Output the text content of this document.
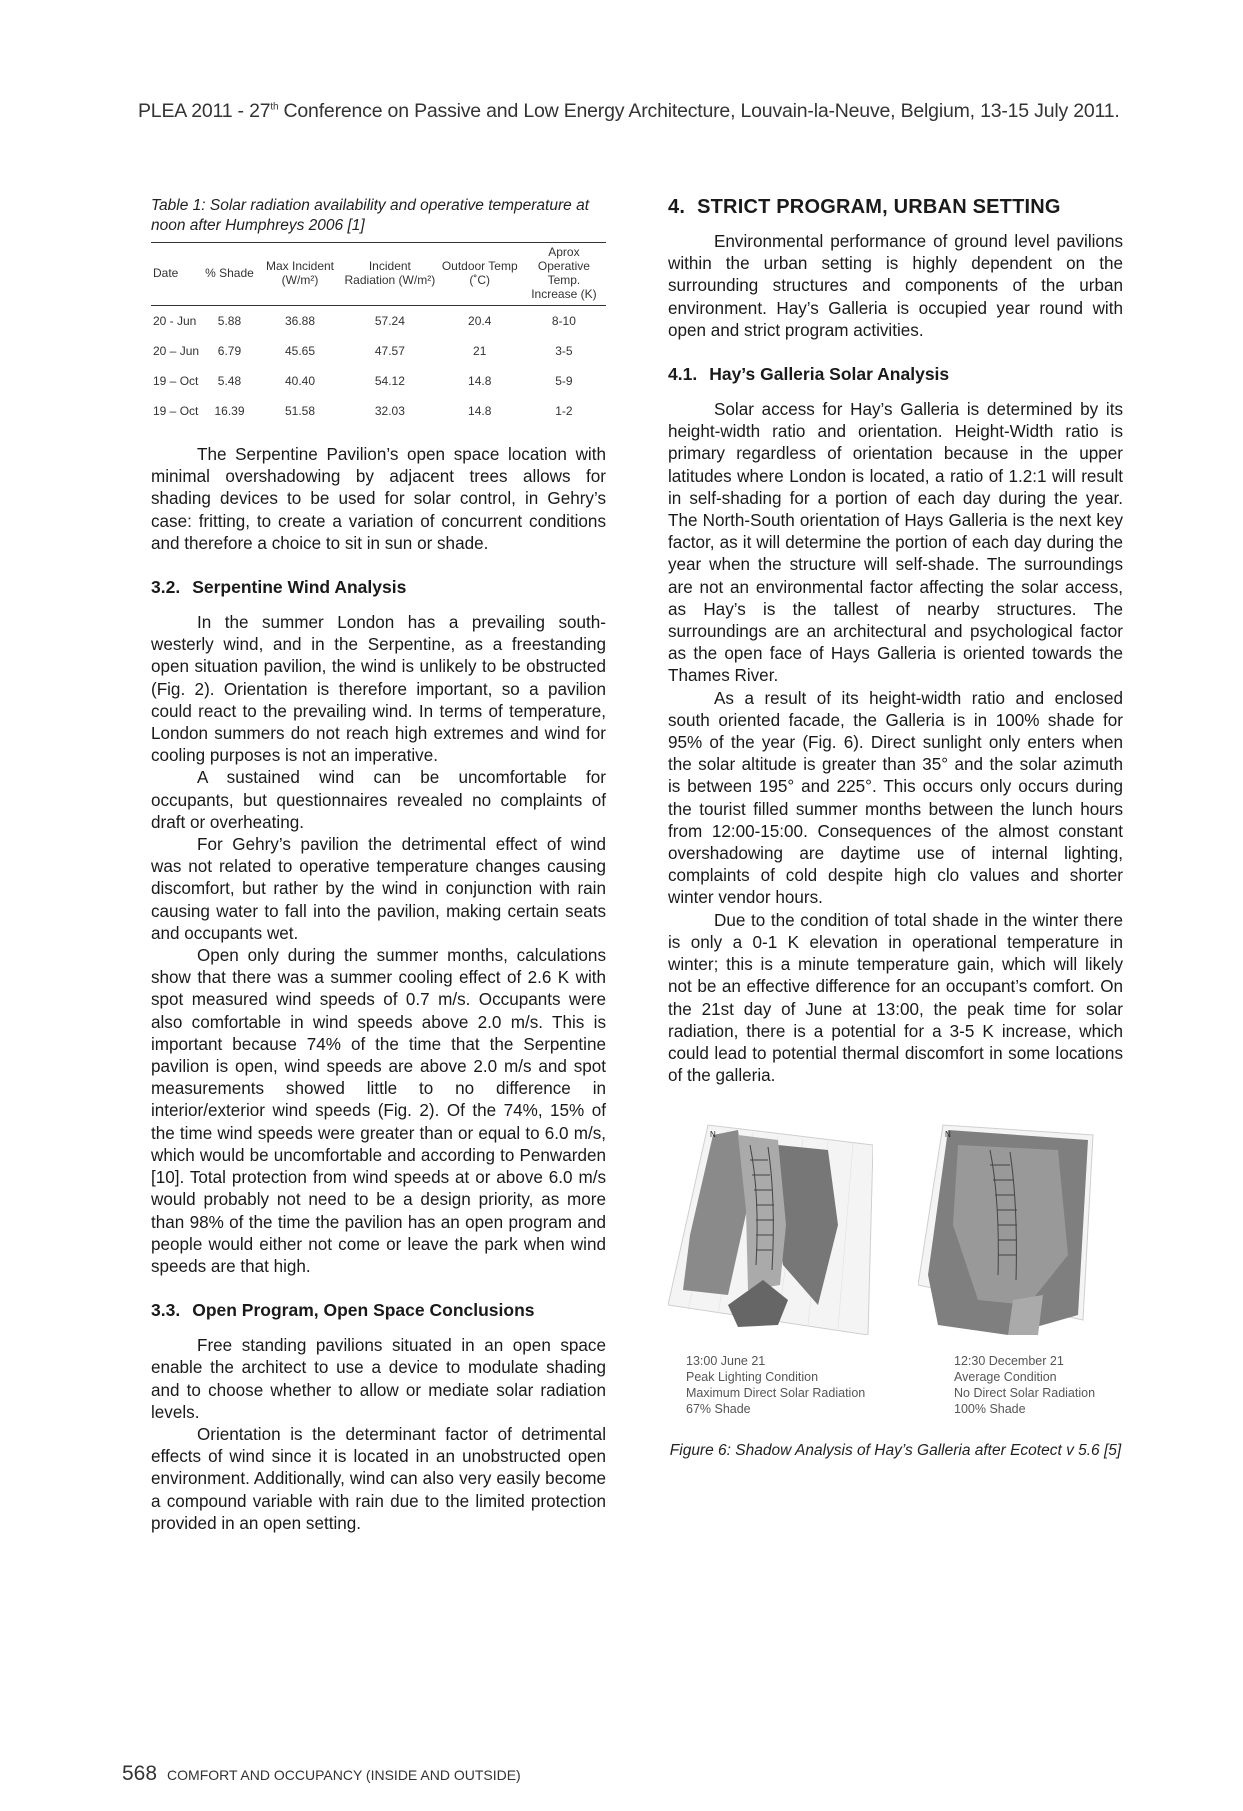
PLEA 2011 - 27th Conference on Passive and Low Energy Architecture, Louvain-la-Neuve, Belgium, 13-15 July 2011.

Table 1: Solar radiation availability and operative temperature at noon after Humphreys 2006 [1]

Date	% Shade	Max Incident (W/m²)	Incident Radiation (W/m²)	Outdoor Temp (˚C)	Aprox Operative Temp. Increase (K)
20 - Jun	5.88	36.88	57.24	20.4	8-10
20 – Jun	6.79	45.65	47.57	21	3-5
19 – Oct	5.48	40.40	54.12	14.8	5-9
19 – Oct	16.39	51.58	32.03	14.8	1-2

The Serpentine Pavilion’s open space location with minimal overshadowing by adjacent trees allows for shading devices to be used for solar control, in Gehry’s case: fritting, to create a variation of concurrent conditions and therefore a choice to sit in sun or shade.

3.2. Serpentine Wind Analysis

In the summer London has a prevailing south-westerly wind, and in the Serpentine, as a freestanding open situation pavilion, the wind is unlikely to be obstructed (Fig. 2). Orientation is therefore important, so a pavilion could react to the prevailing wind. In terms of temperature, London summers do not reach high extremes and wind for cooling purposes is not an imperative.

A sustained wind can be uncomfortable for occupants, but questionnaires revealed no complaints of draft or overheating.

For Gehry’s pavilion the detrimental effect of wind was not related to operative temperature changes causing discomfort, but rather by the wind in conjunction with rain causing water to fall into the pavilion, making certain seats and occupants wet.

Open only during the summer months, calculations show that there was a summer cooling effect of 2.6 K with spot measured wind speeds of 0.7 m/s. Occupants were also comfortable in wind speeds above 2.0 m/s. This is important because 74% of the time that the Serpentine pavilion is open, wind speeds are above 2.0 m/s and spot measurements showed little to no difference in interior/exterior wind speeds (Fig. 2). Of the 74%, 15% of the time wind speeds were greater than or equal to 6.0 m/s, which would be uncomfortable and according to Penwarden [10]. Total protection from wind speeds at or above 6.0 m/s would probably not need to be a design priority, as more than 98% of the time the pavilion has an open program and people would either not come or leave the park when wind speeds are that high.

3.3. Open Program, Open Space Conclusions

Free standing pavilions situated in an open space enable the architect to use a device to modulate shading and to choose whether to allow or mediate solar radiation levels.

Orientation is the determinant factor of detrimental effects of wind since it is located in an unobstructed open environment. Additionally, wind can also very easily become a compound variable with rain due to the limited protection provided in an open setting.

4. STRICT PROGRAM, URBAN SETTING

Environmental performance of ground level pavilions within the urban setting is highly dependent on the surrounding structures and components of the urban environment. Hay’s Galleria is occupied year round with open and strict program activities.

4.1. Hay’s Galleria Solar Analysis

Solar access for Hay’s Galleria is determined by its height-width ratio and orientation. Height-Width ratio is primary regardless of orientation because in the upper latitudes where London is located, a ratio of 1.2:1 will result in self-shading for a portion of each day during the year. The North-South orientation of Hays Galleria is the next key factor, as it will determine the portion of each day during the year when the structure will self-shade. The surroundings are not an environmental factor affecting the solar access, as Hay’s is the tallest of nearby structures. The surroundings are an architectural and psychological factor as the open face of Hays Galleria is oriented towards the Thames River.

As a result of its height-width ratio and enclosed south oriented facade, the Galleria is in 100% shade for 95% of the year (Fig. 6). Direct sunlight only enters when the solar altitude is greater than 35° and the solar azimuth is between 195° and 225°. This occurs only occurs during the tourist filled summer months between the lunch hours from 12:00-15:00. Consequences of the almost constant overshadowing are daytime use of internal lighting, complaints of cold despite high clo values and shorter winter vendor hours.

Due to the condition of total shade in the winter there is only a 0-1 K elevation in operational temperature in winter; this is a minute temperature gain, which will likely not be an effective difference for an occupant’s comfort. On the 21st day of June at 13:00, the peak time for solar radiation, there is a potential for a 3-5 K increase, which could lead to potential thermal discomfort in some locations of the galleria.

N	N
13:00 June 21
Peak Lighting Condition
Maximum Direct Solar Radiation
67% Shade
12:30 December 21
Average Condition
No Direct Solar Radiation
100% Shade

Figure 6: Shadow Analysis of Hay’s Galleria after Ecotect v 5.6 [5]

568 COMFORT AND OCCUPANCY (INSIDE AND OUTSIDE)
